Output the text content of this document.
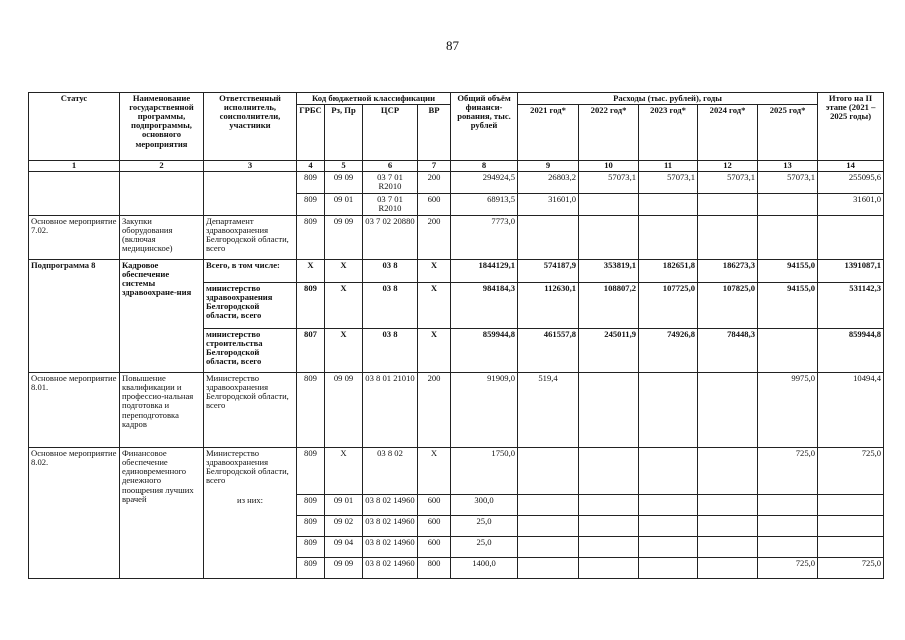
87
Статус	Наименование государственной программы, подпрограммы, основного мероприятия	Ответственный исполнитель, соисполнители, участники	Код бюджетной классификации				Общий объём финанси-рования, тыс. рублей	Расходы (тыс. рублей), годы					Итого на II этапе (2021 – 2025 годы)
			ГРБС	Рз, Пр	ЦСР	ВР		2021 год*	2022 год*	2023 год*	2024 год*	2025 год*	
1	2	3	4	5	6	7	8	9	10	11	12	13	14
			809	09 09	03 7 01 R2010	200	294924,5	26803,2	57073,1	57073,1	57073,1	57073,1	255095,6
			809	09 01	03 7 01 R2010	600	68913,5	31601,0					31601,0
Основное мероприятие 7.02.	Закупки оборудования (включая медицинское)	Департамент здравоохранения Белгородской области, всего	809	09 09	03 7 02 20880	200	7773,0						
Подпрограмма 8	Кадровое обеспечение системы здравоохране-ния	Всего, в том числе:	Х	Х	03 8	Х	1844129,1	574187,9	353819,1	182651,8	186273,3	94155,0	1391087,1
		министерство здравоохранения Белгородской области, всего	809	Х	03 8	Х	984184,3	112630,1	108807,2	107725,0	107825,0	94155,0	531142,3
		министерство строительства Белгородской области, всего	807	Х	03 8	Х	859944,8	461557,8	245011,9	74926,8	78448,3		859944,8
Основное мероприятие 8.01.	Повышение квалификации и профессио-нальная подготовка и переподготовка кадров	Министерство здравоохранения Белгородской области, всего	809	09 09	03 8 01 21010	200	91909,0	519,4				9975,0	10494,4
Основное мероприятие 8.02.	Финансовое обеспечение единовременного денежного поощрения лучших врачей	Министерство здравоохранения Белгородской области, всего	809	Х	03 8 02	Х	1750,0					725,0	725,0
		из них:	809	09 01	03 8 02 14960	600	300,0						
			809	09 02	03 8 02 14960	600	25,0						
			809	09 04	03 8 02 14960	600	25,0						
			809	09 09	03 8 02 14960	800	1400,0					725,0	725,0
